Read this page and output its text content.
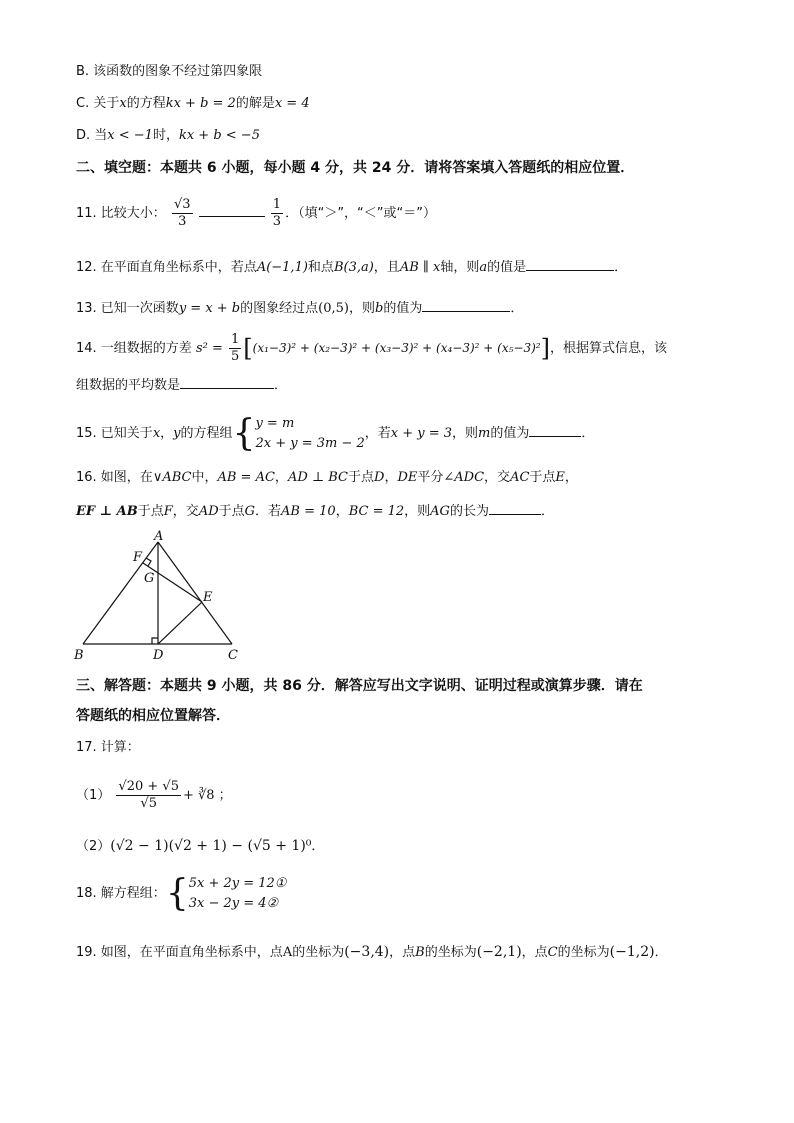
B. 该函数的图象不经过第四象限
C. 关于x的方程kx + b = 2的解是x = 4
D. 当x < −1时，kx + b < −5
二、填空题：本题共 6 小题，每小题 4 分，共 24 分．请将答案填入答题纸的相应位置．
11. 比较大小： $\frac{√3}{3}$
	$\frac{1}{3}$ ．（填“＞”，“＜”或“＝”）
12. 在平面直角坐标系中，若点A(−1,1)和点B(3,a)，且AB ∥ x轴，则a的值是	．
13. 已知一次函数y = x + b的图象经过点(0,5)，则b的值为	．
14. 一组数据的方差 $s^2 = \frac{1}{5} [(x_1-3)^2 + (x_2-3)^2 + (x_3-3)^2 + (x_4-3)^2 + (x_5-3)^2]$，根据算式信息，该
组数据的平均数是	．
15. 已知关于x，y的方程组{ y = m
2x + y = 3m − 2
，若x + y = 3，则m的值为	．
16. 如图，在∨ABC中，AB = AC，AD ⊥ BC于点D，DE平分∠ADC，交AC于点E，
EF ⊥ AB于点F，交AD于点G．若AB = 10，BC = 12，则AG的长为	．
A
B	C
D
E
F
G
三、解答题：本题共 9 小题，共 86 分．解答应写出文字说明、证明过程或演算步骤．请在
答题纸的相应位置解答．
17. 计算：
$(1) \frac{√20 + √5}{√5}$ + ∛8 ；
（2）(√2 − 1)(√2 + 1) − (√5 + 1)⁰．
18. 解方程组：{ 5x + 2y = 12①
3x − 2y = 4②
19. 如图，在平面直角坐标系中，点A的坐标为(−3,4)，点B的坐标为(−2,1)，点C的坐标为(−1,2)．
